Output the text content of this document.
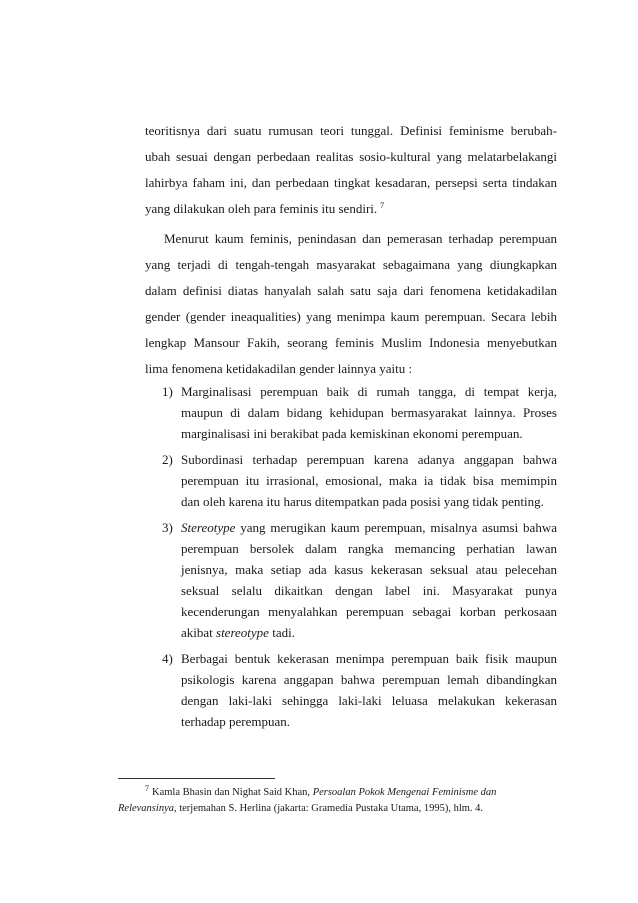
teoritisnya dari suatu rumusan teori tunggal. Definisi feminisme berubah-
ubah sesuai dengan perbedaan realitas sosio-kultural yang melatarbelakangi
lahirbya faham ini, dan perbedaan tingkat kesadaran, persepsi serta tindakan
yang dilakukan oleh para feminis itu sendiri. $^7$
Menurut kaum feminis, penindasan dan pemerasan terhadap perempuan
yang terjadi di tengah-tengah masyarakat sebagaimana yang diungkapkan
dalam definisi diatas hanyalah salah satu saja dari fenomena ketidakadilan
gender (gender ineaqualities) yang menimpa kaum perempuan. Secara lebih
lengkap Mansour Fakih, seorang feminis Muslim Indonesia menyebutkan
lima fenomena ketidakadilan gender lainnya yaitu :
1) Marginalisasi perempuan baik di rumah tangga, di tempat kerja,
maupun di dalam bidang kehidupan bermasyarakat lainnya. Proses
marginalisasi ini berakibat pada kemiskinan ekonomi perempuan.
2) Subordinasi terhadap perempuan karena adanya anggapan bahwa
perempuan itu irrasional, emosional, maka ia tidak bisa memimpin
dan oleh karena itu harus ditempatkan pada posisi yang tidak penting.
3) Stereotype yang merugikan kaum perempuan, misalnya asumsi bahwa
perempuan bersolek dalam rangka memancing perhatian lawan
jenisnya, maka setiap ada kasus kekerasan seksual atau pelecehan
seksual selalu dikaitkan dengan label ini. Masyarakat punya
kecenderungan menyalahkan perempuan sebagai korban perkosaan
akibat stereotype tadi.
4) Berbagai bentuk kekerasan menimpa perempuan baik fisik maupun
psikologis karena anggapan bahwa perempuan lemah dibandingkan
dengan laki-laki sehingga laki-laki leluasa melakukan kekerasan
terhadap perempuan.
$^7$ Kamla Bhasin dan Nighat Said Khan, Persoalan Pokok Mengenai Feminisme dan
Relevansinya, terjemahan S. Herlina (jakarta: Gramedia Pustaka Utama, 1995), hlm. 4.
